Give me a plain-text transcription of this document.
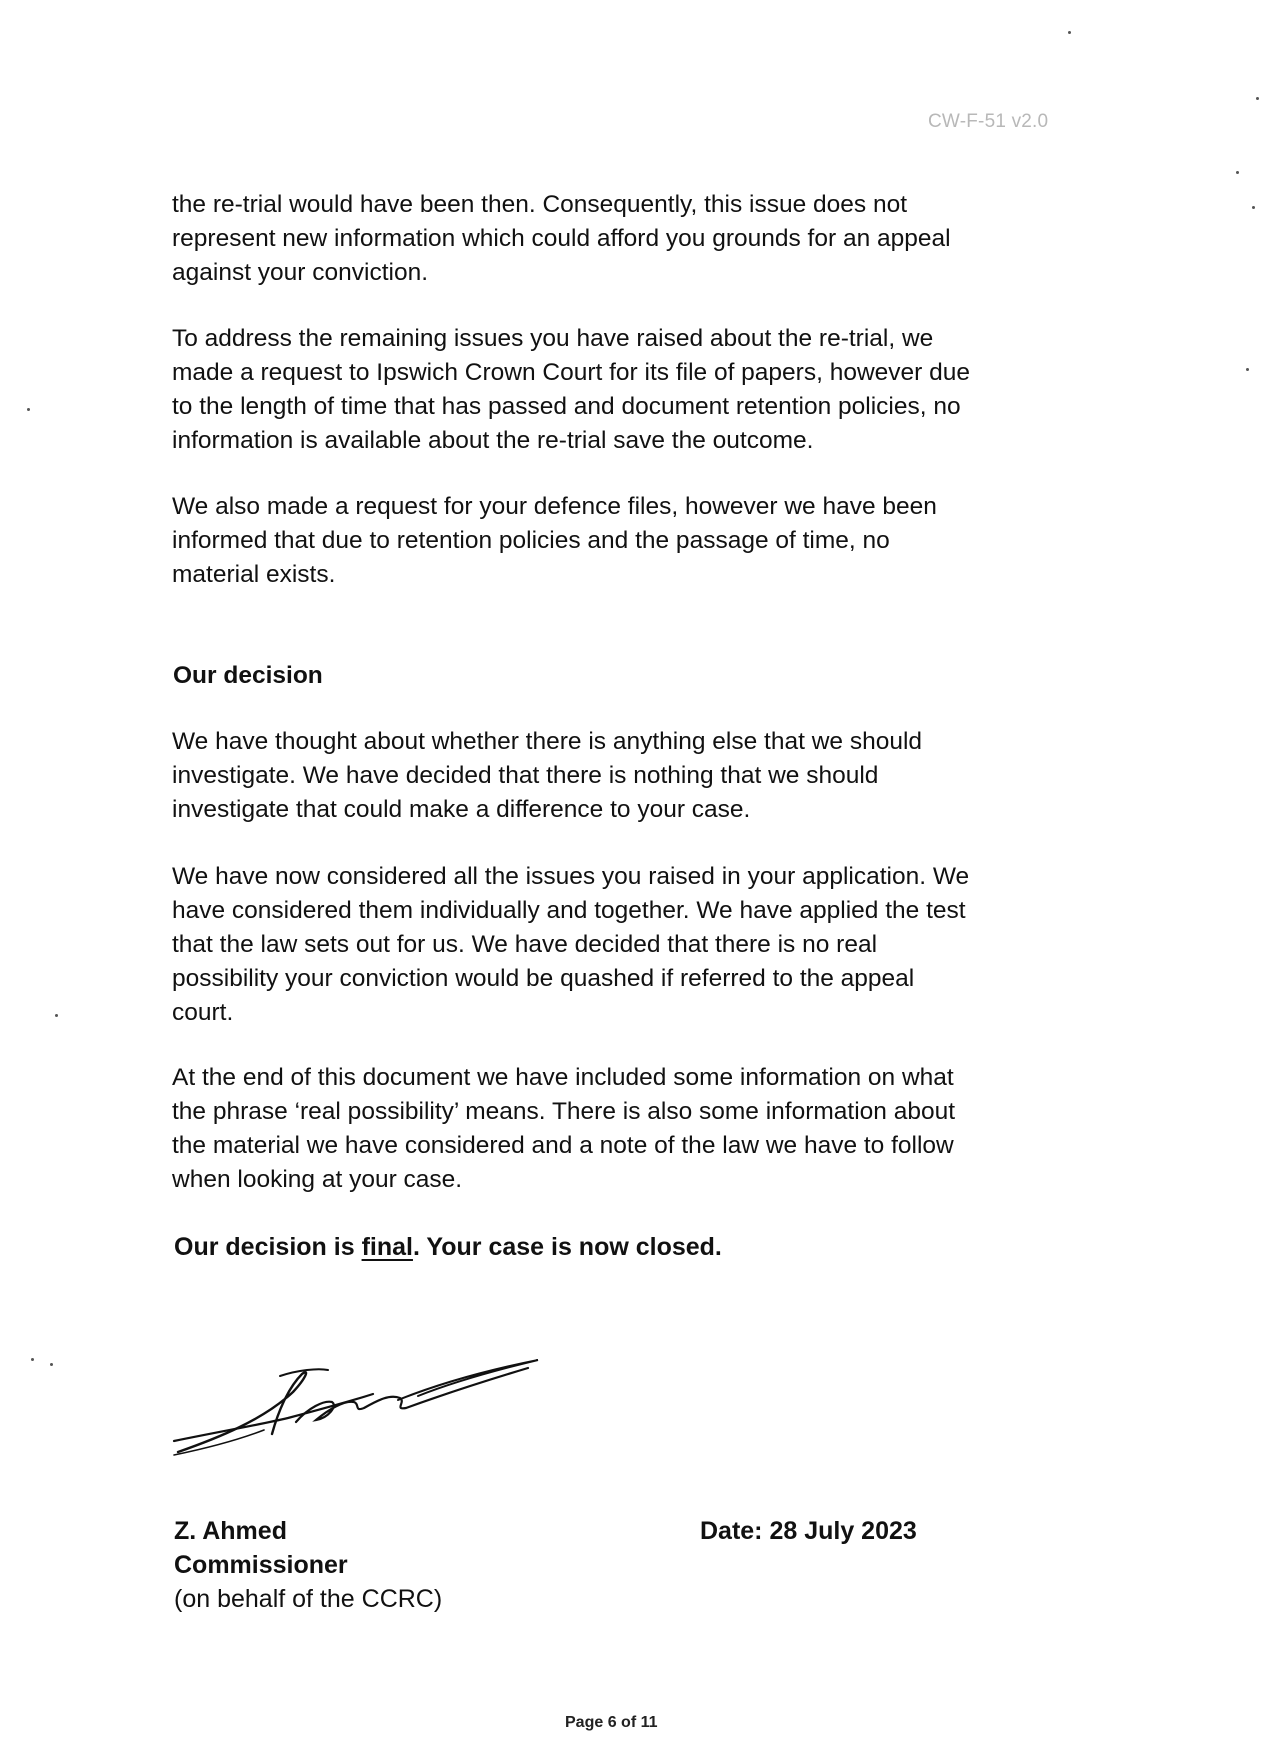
CW-F-51 v2.0

the re-trial would have been then. Consequently, this issue does not
represent new information which could afford you grounds for an appeal
against your conviction.

To address the remaining issues you have raised about the re-trial, we
made a request to Ipswich Crown Court for its file of papers, however due
to the length of time that has passed and document retention policies, no
information is available about the re-trial save the outcome.

We also made a request for your defence files, however we have been
informed that due to retention policies and the passage of time, no
material exists.

Our decision

We have thought about whether there is anything else that we should
investigate. We have decided that there is nothing that we should
investigate that could make a difference to your case.

We have now considered all the issues you raised in your application. We
have considered them individually and together. We have applied the test
that the law sets out for us. We have decided that there is no real
possibility your conviction would be quashed if referred to the appeal
court.

At the end of this document we have included some information on what
the phrase ‘real possibility’ means. There is also some information about
the material we have considered and a note of the law we have to follow
when looking at your case.

Our decision is final. Your case is now closed.

Z. Ahmed
Commissioner
(on behalf of the CCRC)
Date: 28 July 2023
Page 6 of 11
